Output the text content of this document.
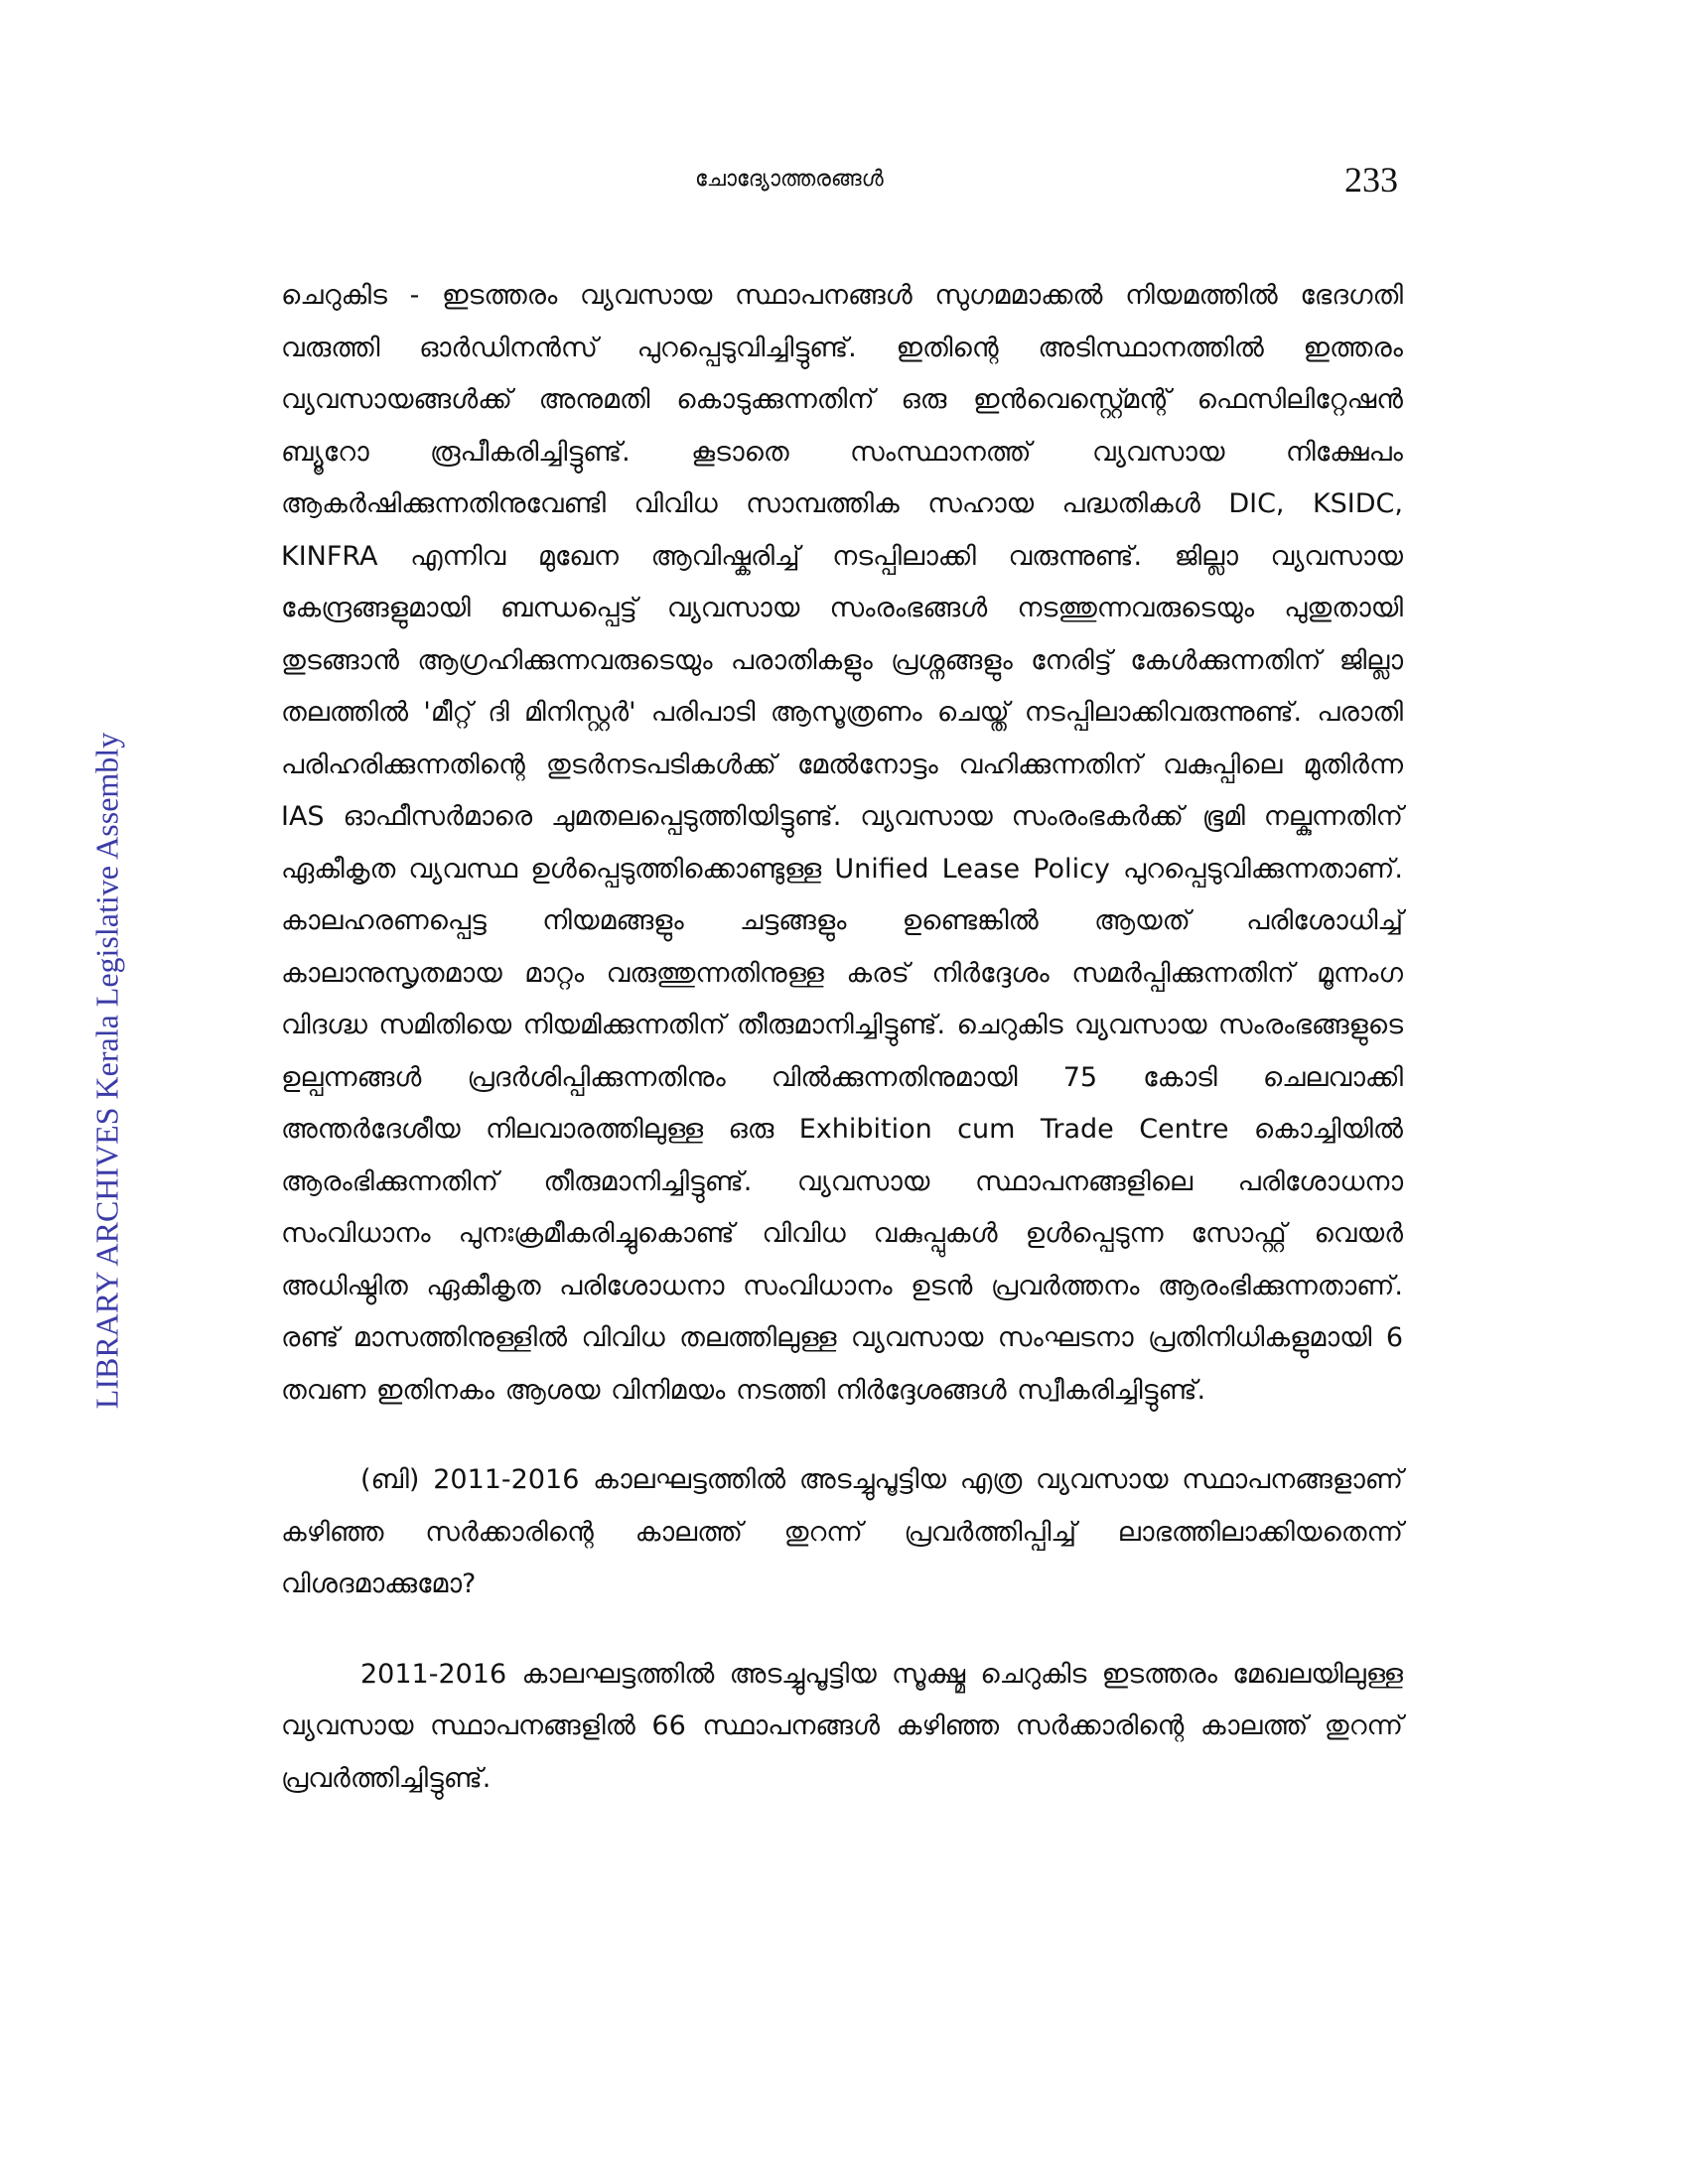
ചോദ്യോത്തരങ്ങൾ	233
LIBRARY ARCHIVES Kerala Legislative Assembly

ചെറുകിട - ഇടത്തരം വ്യവസായ സ്ഥാപനങ്ങൾ സുഗമമാക്കൽ നിയമത്തിൽ ഭേദഗതി വരുത്തി ഓർഡിനൻസ് പുറപ്പെടുവിച്ചിട്ടുണ്ട്. ഇതിന്റെ അടിസ്ഥാനത്തിൽ ഇത്തരം വ്യവസായങ്ങൾക്ക് അനുമതി കൊടുക്കുന്നതിന് ഒരു ഇൻവെസ്റ്റ്മെന്റ് ഫെസിലിറ്റേഷൻ ബ്യൂറോ രൂപീകരിച്ചിട്ടുണ്ട്. കൂടാതെ സംസ്ഥാനത്ത് വ്യവസായ നിക്ഷേപം ആകർഷിക്കുന്നതിനുവേണ്ടി വിവിധ സാമ്പത്തിക സഹായ പദ്ധതികൾ DIC, KSIDC, KINFRA എന്നിവ മുഖേന ആവിഷ്കരിച്ച് നടപ്പിലാക്കി വരുന്നുണ്ട്. ജില്ലാ വ്യവസായ കേന്ദ്രങ്ങളുമായി ബന്ധപ്പെട്ട് വ്യവസായ സംരംഭങ്ങൾ നടത്തുന്നവരുടെയും പുതുതായി തുടങ്ങാൻ ആഗ്രഹിക്കുന്നവരുടെയും പരാതികളും പ്രശ്നങ്ങളും നേരിട്ട് കേൾക്കുന്നതിന് ജില്ലാ തലത്തിൽ 'മീറ്റ് ദി മിനിസ്റ്റർ' പരിപാടി ആസൂത്രണം ചെയ്ത് നടപ്പിലാക്കിവരുന്നുണ്ട്. പരാതി പരിഹരിക്കുന്നതിന്റെ തുടർനടപടികൾക്ക് മേൽനോട്ടം വഹിക്കുന്നതിന് വകുപ്പിലെ മുതിർന്ന IAS ഓഫീസർമാരെ ചുമതലപ്പെടുത്തിയിട്ടുണ്ട്. വ്യവസായ സംരംഭകർക്ക് ഭൂമി നല്കുന്നതിന് ഏകീകൃത വ്യവസ്ഥ ഉൾപ്പെടുത്തിക്കൊണ്ടുള്ള Unified Lease Policy പുറപ്പെടുവിക്കുന്നതാണ്. കാലഹരണപ്പെട്ട നിയമങ്ങളും ചട്ടങ്ങളും ഉണ്ടെങ്കിൽ ആയത് പരിശോധിച്ച് കാലാനുസൃതമായ മാറ്റം വരുത്തുന്നതിനുള്ള കരട് നിർദ്ദേശം സമർപ്പിക്കുന്നതിന് മൂന്നംഗ വിദഗ്ദ്ധ സമിതിയെ നിയമിക്കുന്നതിന് തീരുമാനിച്ചിട്ടുണ്ട്. ചെറുകിട വ്യവസായ സംരംഭങ്ങളുടെ ഉല്പന്നങ്ങൾ പ്രദർശിപ്പിക്കുന്നതിനും വിൽക്കുന്നതിനുമായി 75 കോടി ചെലവാക്കി അന്തർദേശീയ നിലവാരത്തിലുള്ള ഒരു Exhibition cum Trade Centre കൊച്ചിയിൽ ആരംഭിക്കുന്നതിന് തീരുമാനിച്ചിട്ടുണ്ട്. വ്യവസായ സ്ഥാപനങ്ങളിലെ പരിശോധനാ സംവിധാനം പുനഃക്രമീകരിച്ചുകൊണ്ട് വിവിധ വകുപ്പുകൾ ഉൾപ്പെടുന്ന സോഫ്റ്റ് വെയർ അധിഷ്ഠിത ഏകീകൃത പരിശോധനാ സംവിധാനം ഉടൻ പ്രവർത്തനം ആരംഭിക്കുന്നതാണ്. രണ്ട് മാസത്തിനുള്ളിൽ വിവിധ തലത്തിലുള്ള വ്യവസായ സംഘടനാ പ്രതിനിധികളുമായി 6 തവണ ഇതിനകം ആശയ വിനിമയം നടത്തി നിർദ്ദേശങ്ങൾ സ്വീകരിച്ചിട്ടുണ്ട്.

(ബി) 2011-2016 കാലഘട്ടത്തിൽ അടച്ചുപൂട്ടിയ എത്ര വ്യവസായ സ്ഥാപനങ്ങളാണ് കഴിഞ്ഞ സർക്കാരിന്റെ കാലത്ത് തുറന്ന് പ്രവർത്തിപ്പിച്ച് ലാഭത്തിലാക്കിയതെന്ന് വിശദമാക്കുമോ?

2011-2016 കാലഘട്ടത്തിൽ അടച്ചുപൂട്ടിയ സൂക്ഷ്മ ചെറുകിട ഇടത്തരം മേഖലയിലുള്ള വ്യവസായ സ്ഥാപനങ്ങളിൽ 66 സ്ഥാപനങ്ങൾ കഴിഞ്ഞ സർക്കാരിന്റെ കാലത്ത് തുറന്ന് പ്രവർത്തിച്ചിട്ടുണ്ട്.
